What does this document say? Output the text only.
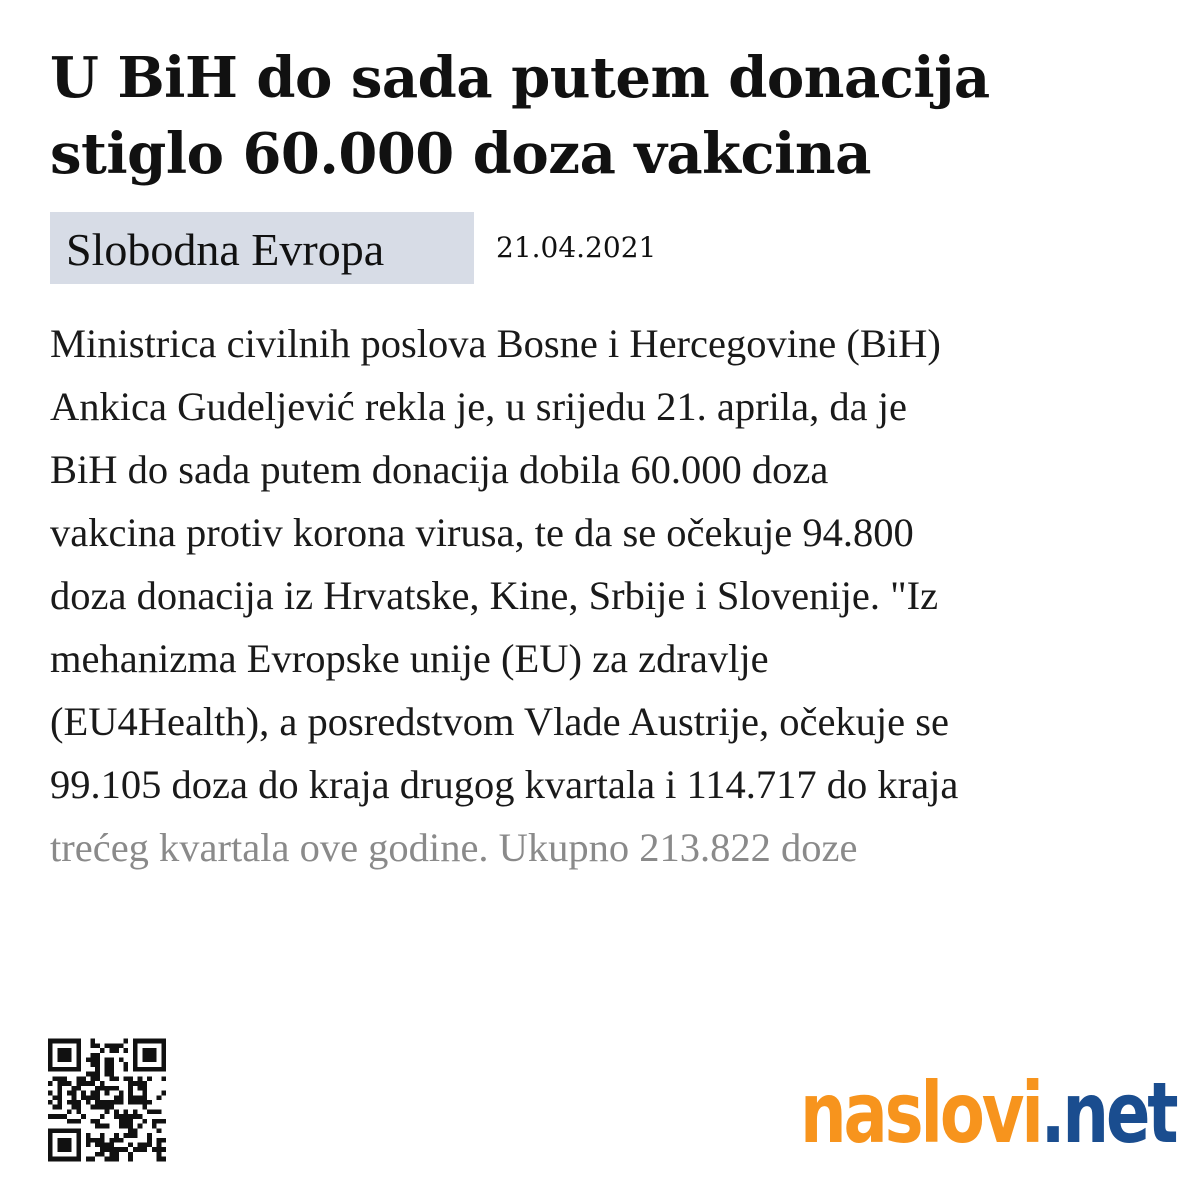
U BiH do sada putem donacija
stiglo 60.000 doza vakcina
Slobodna Evropa	21.04.2021

Ministrica civilnih poslova Bosne i Hercegovine (BiH)
Ankica Gudeljević rekla je, u srijedu 21. aprila, da je
BiH do sada putem donacija dobila 60.000 doza
vakcina protiv korona virusa, te da se očekuje 94.800
doza donacija iz Hrvatske, Kine, Srbije i Slovenije. "Iz
mehanizma Evropske unije (EU) za zdravlje
(EU4Health), a posredstvom Vlade Austrije, očekuje se
99.105 doza do kraja drugog kvartala i 114.717 do kraja
trećeg kvartala ove godine. Ukupno 213.822 doze

naslovi.net
